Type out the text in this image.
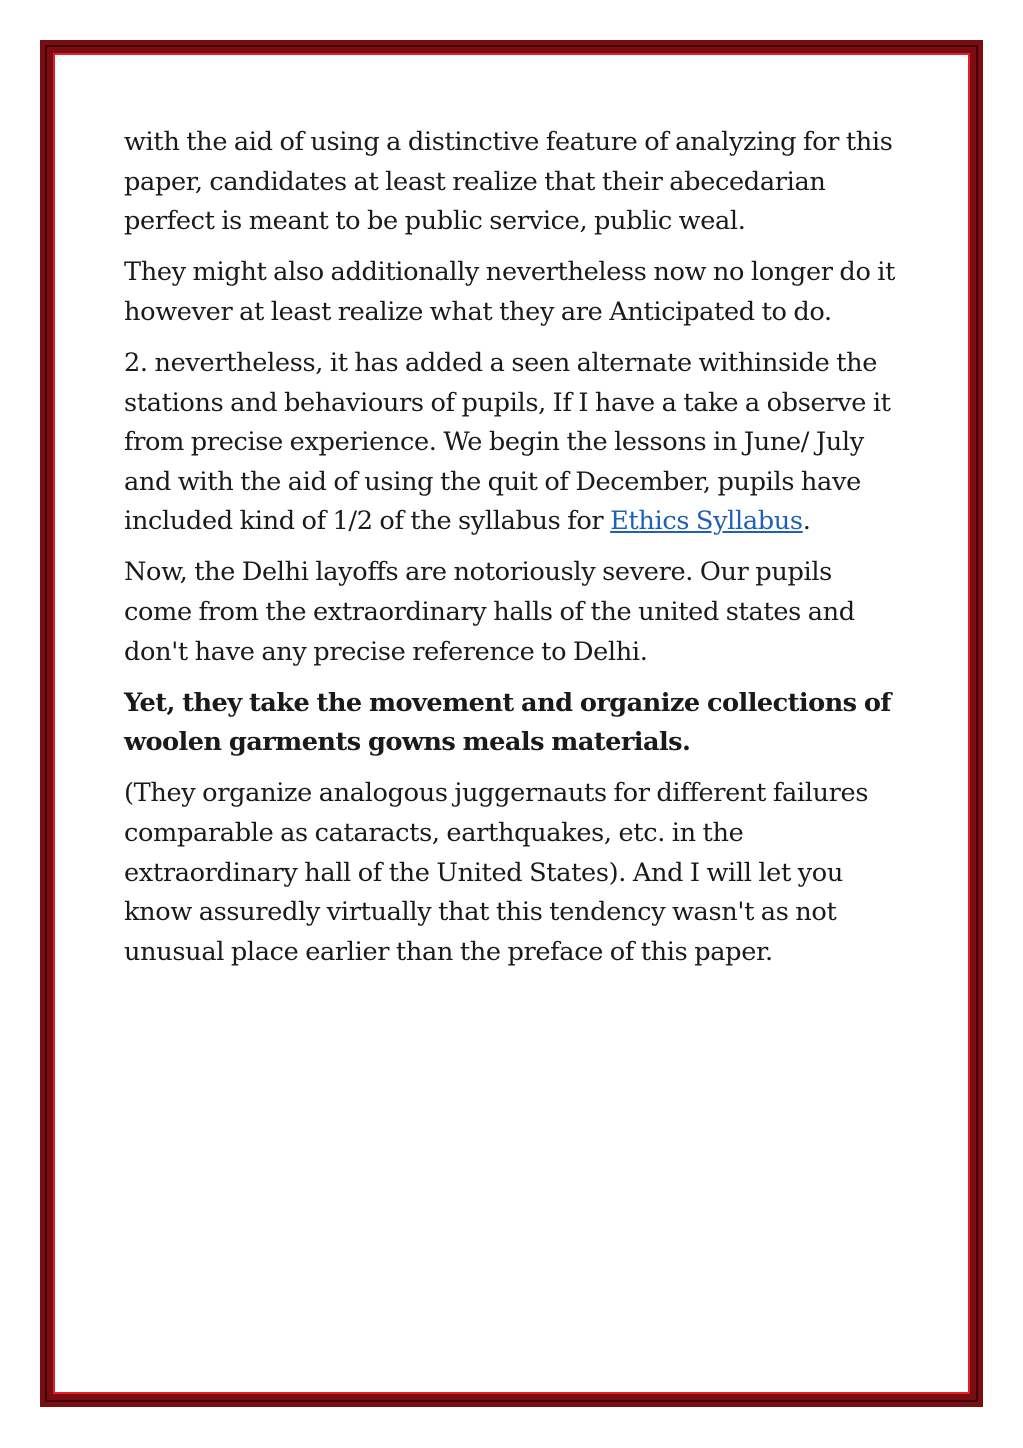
with the aid of using a distinctive feature of analyzing for this paper, candidates at least realize that their abecedarian perfect is meant to be public service, public weal.

They might also additionally nevertheless now no longer do it however at least realize what they are Anticipated to do.

2. nevertheless, it has added a seen alternate withinside the stations and behaviours of pupils, If I have a take a observe it from precise experience. We begin the lessons in June/ July and with the aid of using the quit of December, pupils have included kind of 1/2 of the syllabus for Ethics Syllabus.

Now, the Delhi layoffs are notoriously severe. Our pupils come from the extraordinary halls of the united states and don't have any precise reference to Delhi.

Yet, they take the movement and organize collections of woolen garments gowns meals materials.

(They organize analogous juggernauts for different failures comparable as cataracts, earthquakes, etc. in the extraordinary hall of the United States). And I will let you know assuredly virtually that this tendency wasn't as not unusual place earlier than the preface of this paper.
